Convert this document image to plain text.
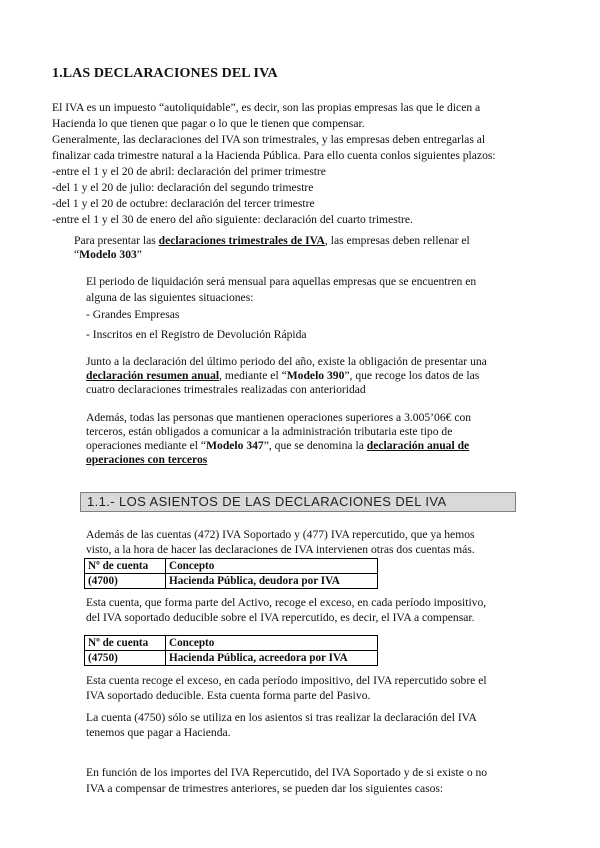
1.LAS DECLARACIONES DEL IVA
El IVA es un impuesto “autoliquidable”, es decir, son las propias empresas las que le dicen a
Hacienda lo que tienen que pagar o lo que le tienen que compensar.
Generalmente, las declaraciones del IVA son trimestrales, y las empresas deben entregarlas al
finalizar cada trimestre natural a la Hacienda Pública. Para ello cuenta conlos siguientes plazos:
-entre el 1 y el 20 de abril: declaración del primer trimestre
-del 1 y el 20 de julio: declaración del segundo trimestre
-del 1 y el 20 de octubre: declaración del tercer trimestre
-entre el 1 y el 30 de enero del año siguiente: declaración del cuarto trimestre.
Para presentar las declaraciones trimestrales de IVA, las empresas deben rellenar el
“Modelo 303”
El periodo de liquidación será mensual para aquellas empresas que se encuentren en
alguna de las siguientes situaciones:
- Grandes Empresas
- Inscritos en el Registro de Devolución Rápida
Junto a la declaración del último periodo del año, existe la obligación de presentar una
declaración resumen anual, mediante el “Modelo 390”, que recoge los datos de las
cuatro declaraciones trimestrales realizadas con anterioridad
Además, todas las personas que mantienen operaciones superiores a 3.005’06€ con
terceros, están obligados a comunicar a la administración tributaria este tipo de
operaciones mediante el “Modelo 347”, que se denomina la declaración anual de
operaciones con terceros
1.1.- LOS ASIENTOS DE LAS DECLARACIONES DEL IVA
Además de las cuentas (472) IVA Soportado y (477) IVA repercutido, que ya hemos
visto, a la hora de hacer las declaraciones de IVA intervienen otras dos cuentas más.
Nº de cuenta	Concepto
(4700)	Hacienda Pública, deudora por IVA
Esta cuenta, que forma parte del Activo, recoge el exceso, en cada período impositivo,
del IVA soportado deducible sobre el IVA repercutido, es decir, el IVA a compensar.
Nº de cuenta	Concepto
(4750)	Hacienda Pública, acreedora por IVA
Esta cuenta recoge el exceso, en cada período impositivo, del IVA repercutido sobre el
IVA soportado deducible. Esta cuenta forma parte del Pasivo.
La cuenta (4750) sólo se utiliza en los asientos si tras realizar la declaración del IVA
tenemos que pagar a Hacienda.
En función de los importes del IVA Repercutido, del IVA Soportado y de si existe o no
IVA a compensar de trimestres anteriores, se pueden dar los siguientes casos:
